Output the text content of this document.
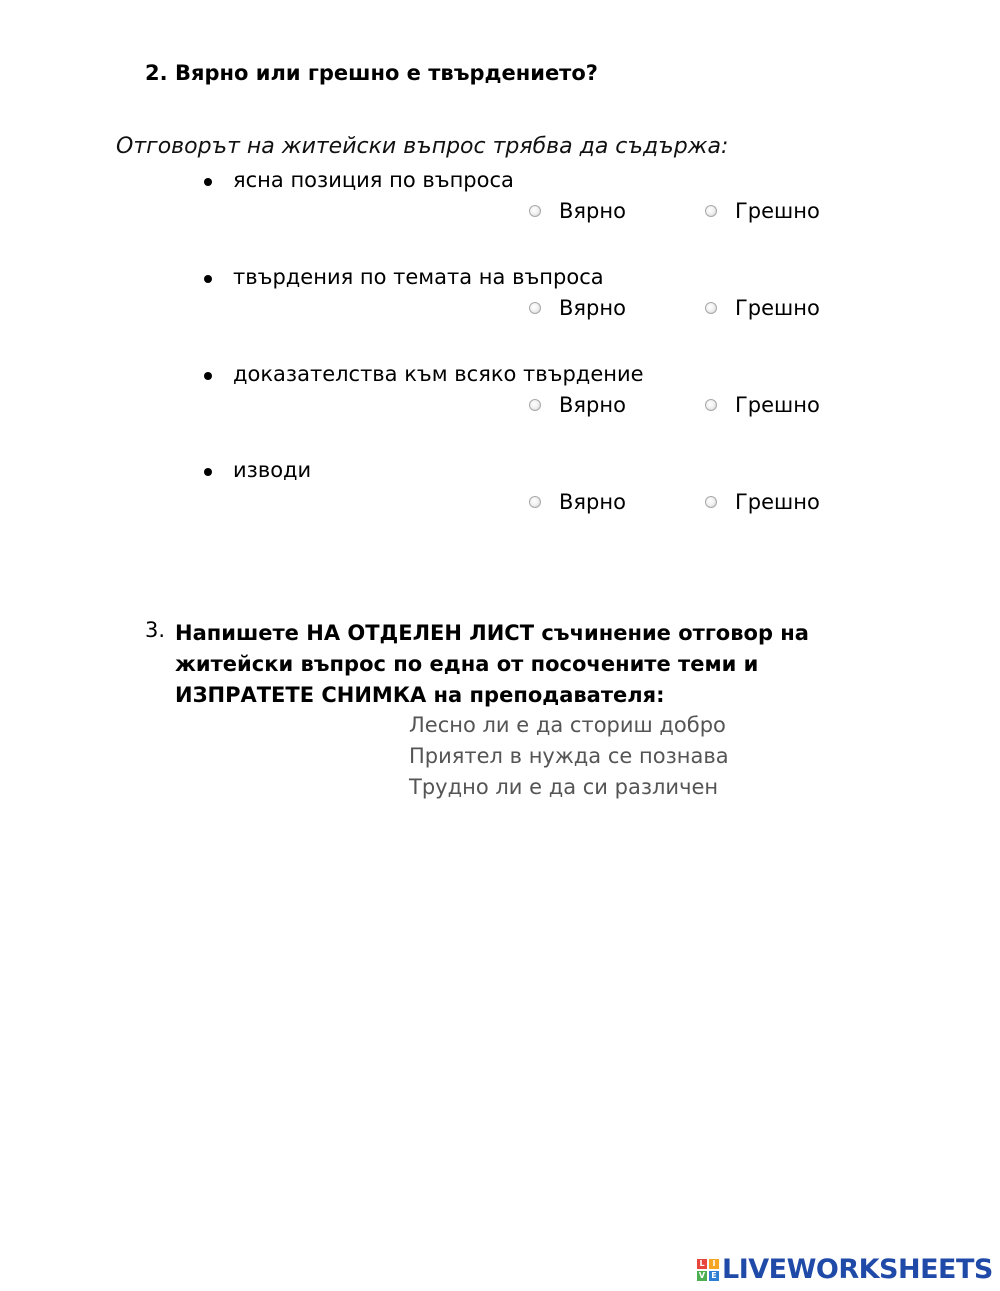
2. Вярно или грешно е твърдението?
Отговорът на житейски въпрос трябва да съдържа:
ясна позиция по въпроса
Вярно	Грешно
твърдения по темата на въпроса
Вярно	Грешно
доказателства към всяко твърдение
Вярно	Грешно
изводи
Вярно	Грешно
3. Напишете НА ОТДЕЛЕН ЛИСТ съчинение отговор на житейски въпрос по една от посочените теми и ИЗПРАТЕТЕ СНИМКА на преподавателя:
Лесно ли е да сториш добро
Приятел в нужда се познава
Трудно ли е да си различен
L I
V E LIVEWORKSHEETS
